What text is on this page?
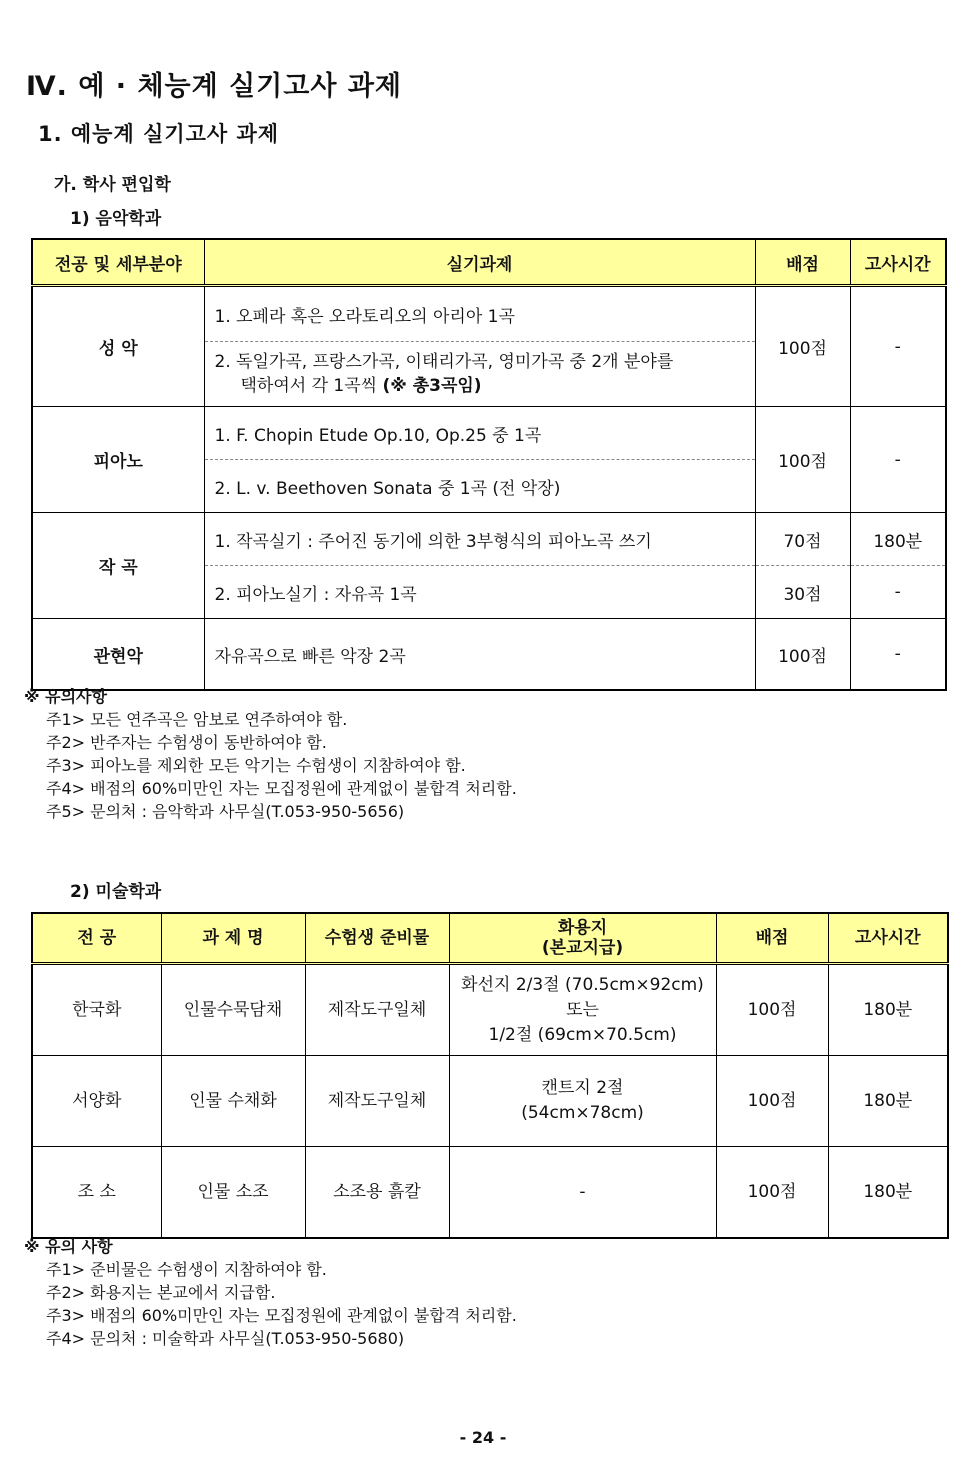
Ⅳ. 예 · 체능계 실기고사 과제
1. 예능계 실기고사 과제
가. 학사 편입학
1) 음악학과
전공 및 세부분야	실기과제	배점	고사시간
성 악	1. 오페라 혹은 오라토리오의 아리아 1곡	100점	-
	2. 독일가곡, 프랑스가곡, 이태리가곡, 영미가곡 중 2개 분야를
택하여서 각 1곡씩 (※ 총3곡임)		

피아노	1. F. Chopin Etude Op.10, Op.25 중 1곡	100점	-
	2. L. v. Beethoven Sonata 중 1곡 (전 악장)		
작 곡	1. 작곡실기 : 주어진 동기에 의한 3부형식의 피아노곡 쓰기	70점	180분
	2. 피아노실기 : 자유곡 1곡	30점	-
관현악	자유곡으로 빠른 악장 2곡	100점	-
※ 유의사항
주1> 모든 연주곡은 암보로 연주하여야 함.
주2> 반주자는 수험생이 동반하여야 함.
주3> 피아노를 제외한 모든 악기는 수험생이 지참하여야 함.
주4> 배점의 60%미만인 자는 모집정원에 관계없이 불합격 처리함.
주5> 문의처 : 음악학과 사무실(T.053-950-5656)
2) 미술학과
전 공	과 제 명	수험생 준비물	화용지
(본교지급)	배점	고사시간
한국화	인물수묵담채	제작도구일체	화선지 2/3절 (70.5cm×92cm)
또는
1/2절 (69cm×70.5cm)	100점	180분
서양화	인물 수채화	제작도구일체	캔트지 2절
(54cm×78cm)	100점	180분
조 소	인물 소조	소조용 흙칼	-	100점	180분
※ 유의 사항
주1> 준비물은 수험생이 지참하여야 함.
주2> 화용지는 본교에서 지급함.
주3> 배점의 60%미만인 자는 모집정원에 관계없이 불합격 처리함.
주4> 문의처 : 미술학과 사무실(T.053-950-5680)
- 24 -
